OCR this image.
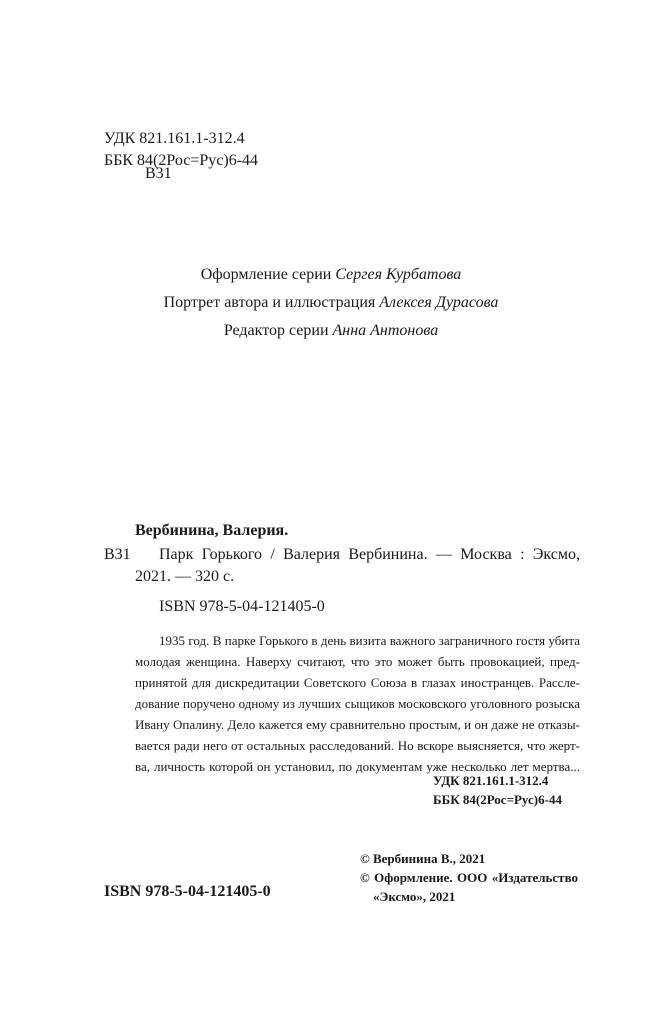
УДК 821.161.1-312.4
ББК 84(2Рос=Рус)6-44
В31
Оформление серии Сергея Курбатова
Портрет автора и иллюстрация Алексея Дурасова
Редактор серии Анна Антонова
Вербинина, Валерия.
В31 Парк Горького / Валерия Вербинина. — Москва : Эксмо,
2021. — 320 с.
ISBN 978-5-04-121405-0
1935 год. В парке Горького в день визита важного заграничного гостя убита
молодая женщина. Наверху считают, что это может быть провокацией, пред-
принятой для дискредитации Советского Союза в глазах иностранцев. Рассле-
дование поручено одному из лучших сыщиков московского уголовного розыска
Ивану Опалину. Дело кажется ему сравнительно простым, и он даже не отказы-
вается ради него от остальных расследований. Но вскоре выясняется, что жерт-
ва, личность которой он установил, по документам уже несколько лет мертва...
УДК 821.161.1-312.4
ББК 84(2Рос=Рус)6-44
© Вербинина В., 2021
© Оформление. ООО «Издательство
«Эксмо», 2021
ISBN 978-5-04-121405-0
